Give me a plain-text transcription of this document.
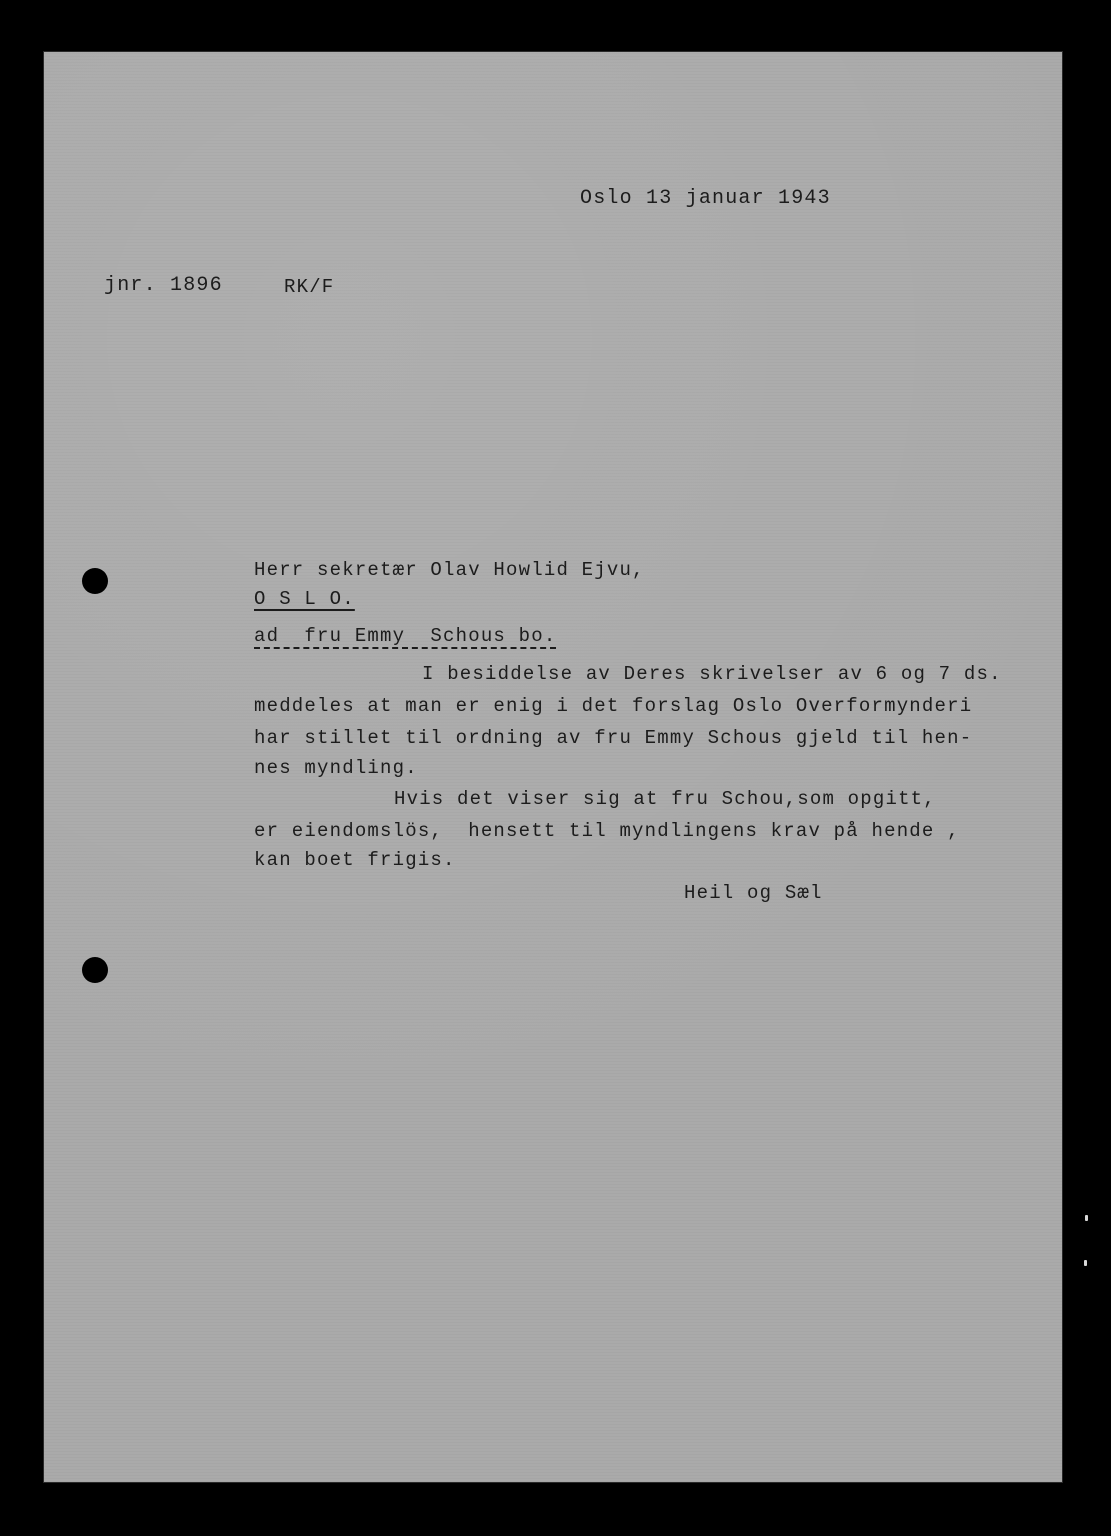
Oslo 13 januar 1943
jnr. 1896	RK/F
Herr sekretær Olav Howlid Ejvu,
O S L O.
ad  fru Emmy  Schous bo.
I besiddelse av Deres skrivelser av 6 og 7 ds.
meddeles at man er enig i det forslag Oslo Overformynderi
har stillet til ordning av fru Emmy Schous gjeld til hen-
nes myndling.
Hvis det viser sig at fru Schou,som opgitt,
er eiendomslös,  hensett til myndlingens krav på hende ,
kan boet frigis.
Heil og Sæl
